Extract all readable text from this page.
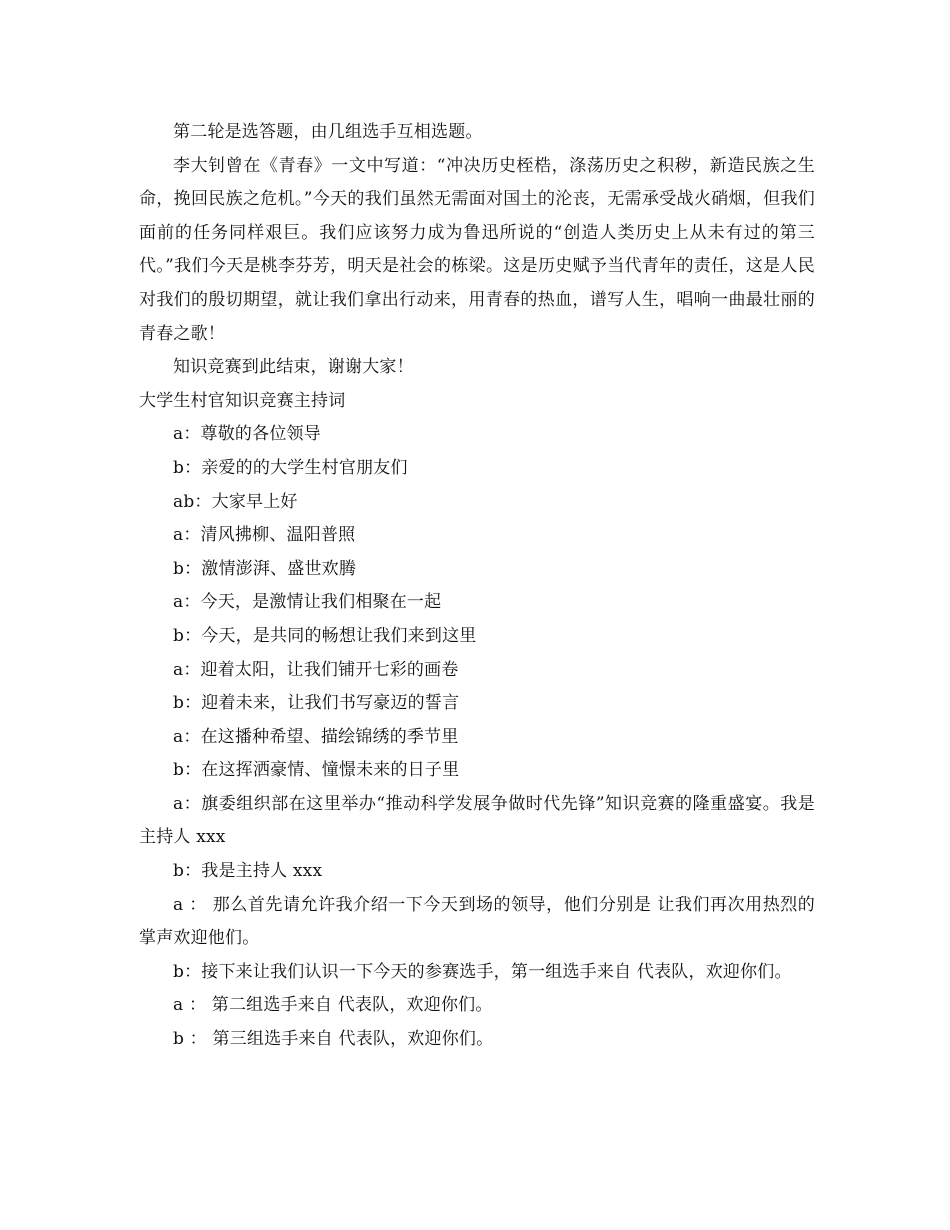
第二轮是选答题，由几组选手互相选题。

李大钊曾在《青春》一文中写道：“冲决历史桎梏，涤荡历史之积秽，新造民族之生命，挽回民族之危机。”今天的我们虽然无需面对国土的沦丧，无需承受战火硝烟，但我们面前的任务同样艰巨。我们应该努力成为鲁迅所说的“创造人类历史上从未有过的第三代。”我们今天是桃李芬芳，明天是社会的栋梁。这是历史赋予当代青年的责任，这是人民对我们的殷切期望，就让我们拿出行动来，用青春的热血，谱写人生，唱响一曲最壮丽的青春之歌！

知识竞赛到此结束，谢谢大家！

大学生村官知识竞赛主持词

a：尊敬的各位领导

b：亲爱的的大学生村官朋友们

ab：大家早上好

a：清风拂柳、温阳普照

b：激情澎湃、盛世欢腾

a：今天，是激情让我们相聚在一起

b：今天，是共同的畅想让我们来到这里

a：迎着太阳，让我们铺开七彩的画卷

b：迎着未来，让我们书写豪迈的誓言

a：在这播种希望、描绘锦绣的季节里

b：在这挥洒豪情、憧憬未来的日子里

a：旗委组织部在这里举办“推动科学发展争做时代先锋”知识竞赛的隆重盛宴。我是主持人 xxx

b：我是主持人 xxx

a ： 那么首先请允许我介绍一下今天到场的领导，他们分别是 让我们再次用热烈的掌声欢迎他们。

b：接下来让我们认识一下今天的参赛选手，第一组选手来自 代表队，欢迎你们。

a ： 第二组选手来自 代表队，欢迎你们。

b ： 第三组选手来自 代表队，欢迎你们。
